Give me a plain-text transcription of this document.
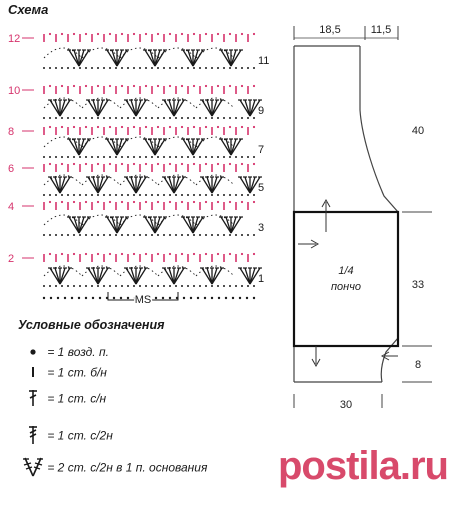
Схема
12
10
8
6
4
2
11
9
7
5
3
1
MS
Условные обозначения
= 1 возд. п.
= 1 ст. б/н
= 1 ст. с/н
= 1 ст. с/2н
= 2 ст. с/2н в 1 п. основания
18,5	11,5
40
33
8
30
1/4
пончо
postila.ru
